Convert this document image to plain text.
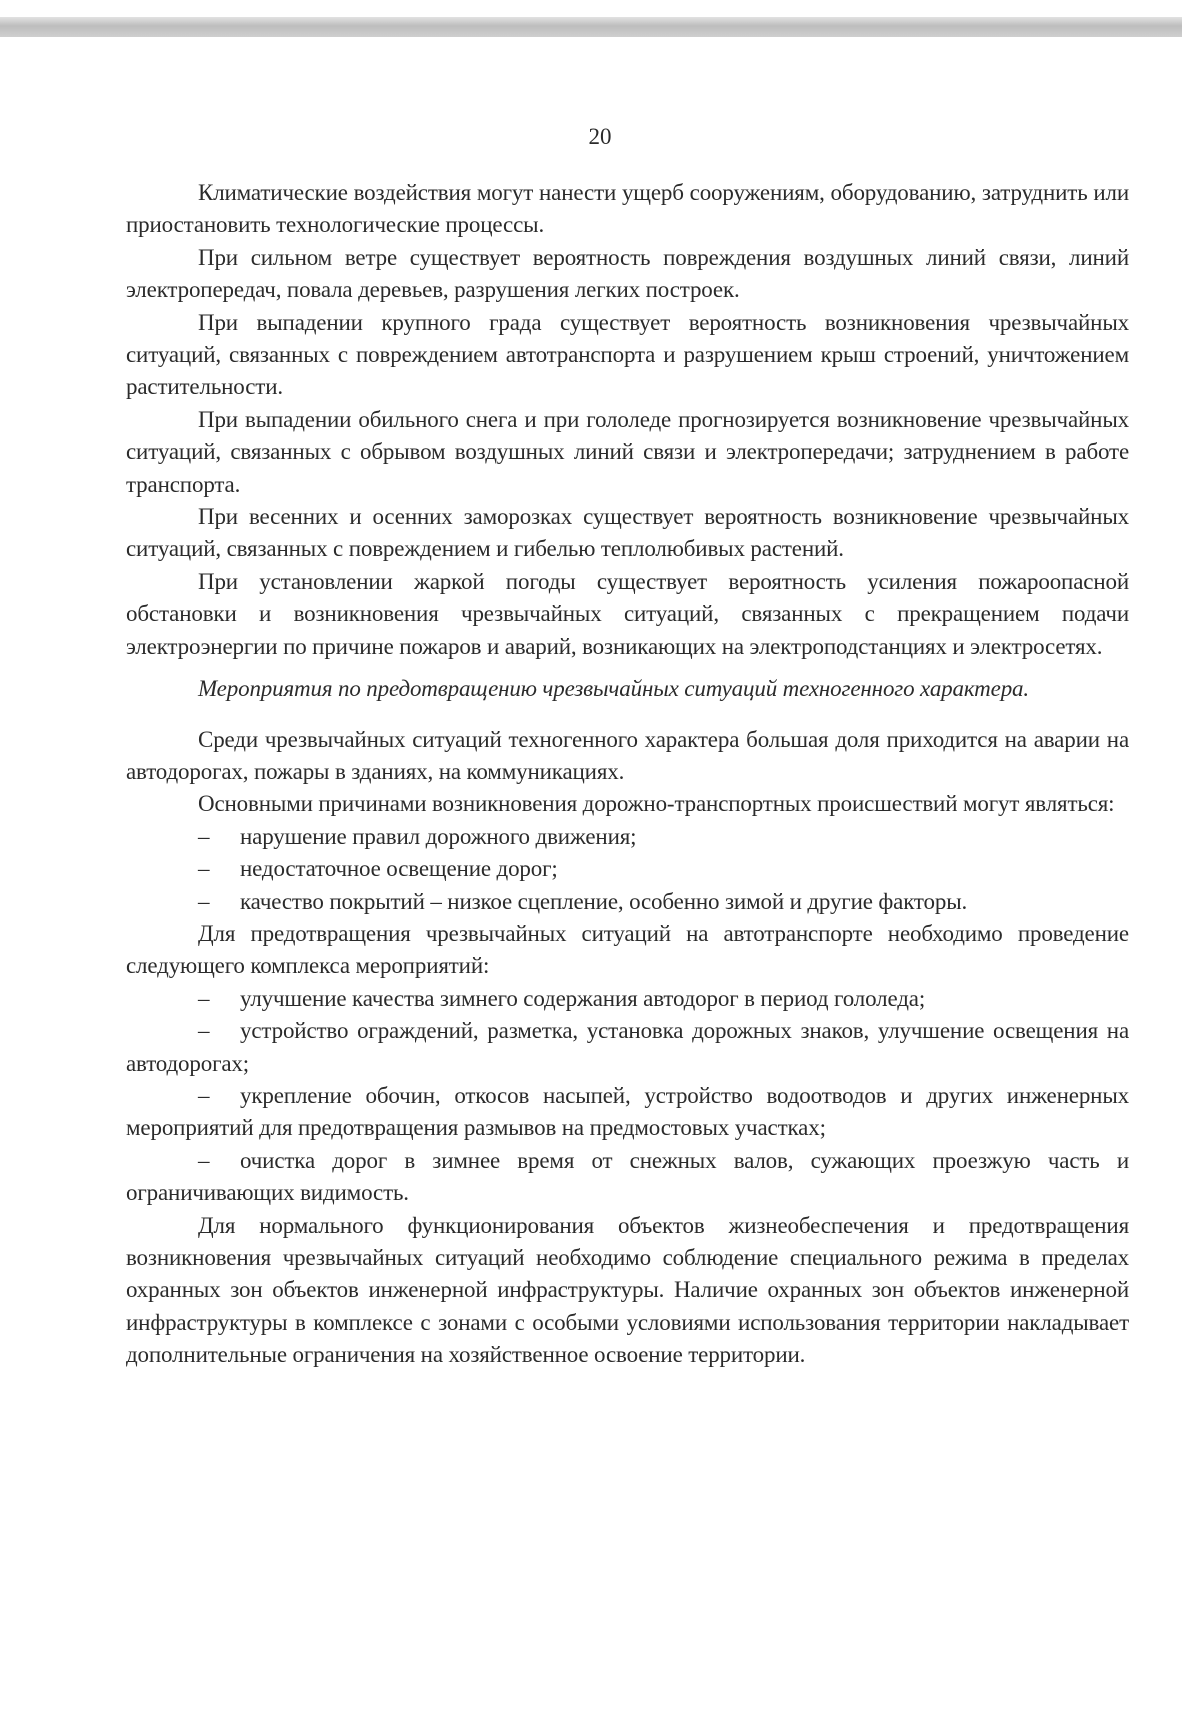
20

Климатические воздействия могут нанести ущерб сооружениям, оборудованию, затруднить или приостановить технологические процессы.

При сильном ветре существует вероятность повреждения воздушных линий связи, линий электропередач, повала деревьев, разрушения легких построек.

При выпадении крупного града существует вероятность возникновения чрезвычайных ситуаций, связанных с повреждением автотранспорта и разрушением крыш строений, уничтожением растительности.

При выпадении обильного снега и при гололеде прогнозируется возникновение чрезвычайных ситуаций, связанных с обрывом воздушных линий связи и электропередачи; затруднением в работе транспорта.

При весенних и осенних заморозках существует вероятность возникновение чрезвычайных ситуаций, связанных с повреждением и гибелью теплолюбивых растений.

При установлении жаркой погоды существует вероятность усиления пожароопасной обстановки и возникновения чрезвычайных ситуаций, связанных с прекращением подачи электроэнергии по причине пожаров и аварий, возникающих на электроподстанциях и электросетях.

Мероприятия по предотвращению чрезвычайных ситуаций техногенного характера.

Среди чрезвычайных ситуаций техногенного характера большая доля приходится на аварии на автодорогах, пожары в зданиях, на коммуникациях.

Основными причинами возникновения дорожно-транспортных происшествий могут являться:

– нарушение правил дорожного движения;

– недостаточное освещение дорог;

– качество покрытий – низкое сцепление, особенно зимой и другие факторы.

Для предотвращения чрезвычайных ситуаций на автотранспорте необходимо проведение следующего комплекса мероприятий:

– улучшение качества зимнего содержания автодорог в период гололеда;

– устройство ограждений, разметка, установка дорожных знаков, улучшение освещения на автодорогах;

– укрепление обочин, откосов насыпей, устройство водоотводов и других инженерных мероприятий для предотвращения размывов на предмостовых участках;

– очистка дорог в зимнее время от снежных валов, сужающих проезжую часть и ограничивающих видимость.

Для нормального функционирования объектов жизнеобеспечения и предотвращения возникновения чрезвычайных ситуаций необходимо соблюдение специального режима в пределах охранных зон объектов инженерной инфраструктуры. Наличие охранных зон объектов инженерной инфраструктуры в комплексе с зонами с особыми условиями использования территории накладывает дополнительные ограничения на хозяйственное освоение территории.
